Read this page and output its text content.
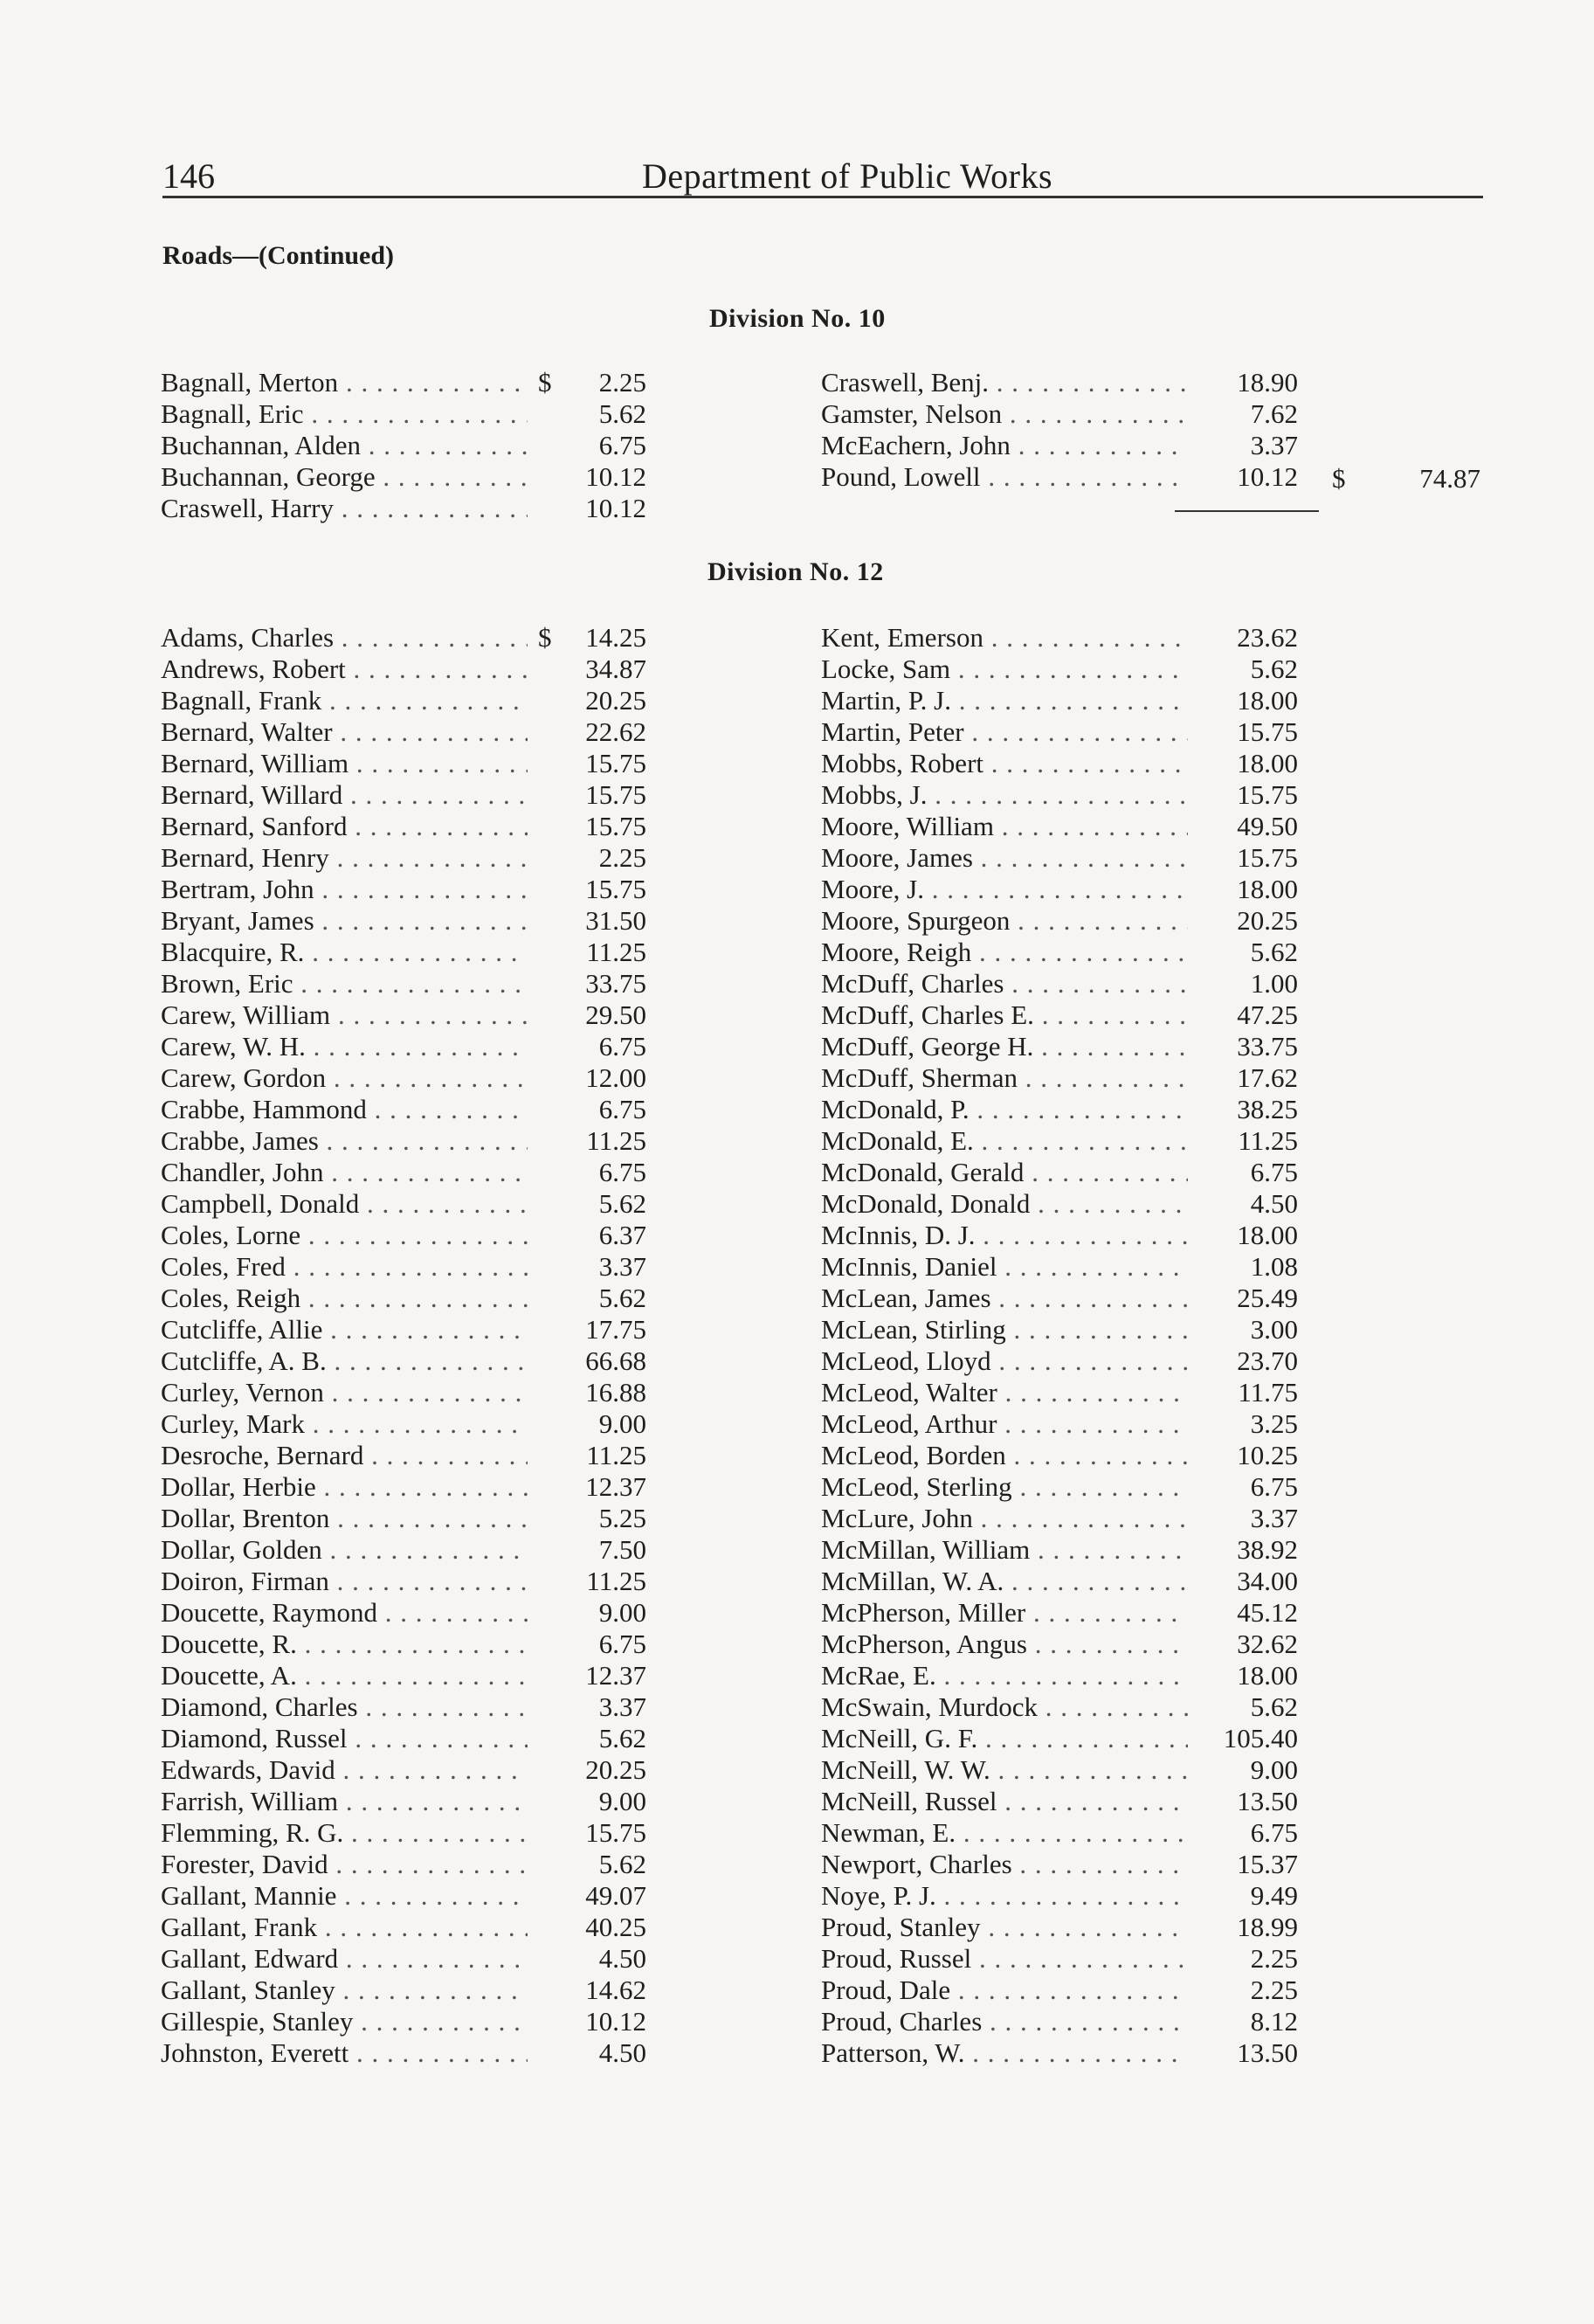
146	Department of Public Works
Roads—(Continued)
Division No. 10
Bagnall, Merton . . .	$	2.25
Bagnall, Eric . . .	5.62
Buchannan, Alden . . .	6.75
Buchannan, George . . .	10.12
Craswell, Harry . . .	10.12
Craswell, Benj. . . .	18.90
Gamster, Nelson . . .	7.62
McEachern, John . . .	3.37
Pound, Lowell . . .	10.12 $	74.87
Division No. 12
Adams, Charles . . .	$	14.25
Andrews, Robert . . .	34.87
Bagnall, Frank . . .	20.25
Bernard, Walter . . .	22.62
Bernard, William . . .	15.75
Bernard, Willard . . .	15.75
Bernard, Sanford . . .	15.75
Bernard, Henry . . .	2.25
Bertram, John . . .	15.75
Bryant, James . . .	31.50
Blacquire, R. . . .	11.25
Brown, Eric . . .	33.75
Carew, William . . .	29.50
Carew, W. H. . . .	6.75
Carew, Gordon . . .	12.00
Crabbe, Hammond . . .	6.75
Crabbe, James . . .	11.25
Chandler, John . . .	6.75
Campbell, Donald . . .	5.62
Coles, Lorne . . .	6.37
Coles, Fred . . .	3.37
Coles, Reigh . . .	5.62
Cutcliffe, Allie . . .	17.75
Cutcliffe, A. B. . . .	66.68
Curley, Vernon . . .	16.88
Curley, Mark . . .	9.00
Desroche, Bernard . . .	11.25
Dollar, Herbie . . .	12.37
Dollar, Brenton . . .	5.25
Dollar, Golden . . .	7.50
Doiron, Firman . . .	11.25
Doucette, Raymond . . .	9.00
Doucette, R. . . .	6.75
Doucette, A. . . .	12.37
Diamond, Charles . . .	3.37
Diamond, Russel . . .	5.62
Edwards, David . . .	20.25
Farrish, William . . .	9.00
Flemming, R. G. . . .	15.75
Forester, David . . .	5.62
Gallant, Mannie . . .	49.07
Gallant, Frank . . .	40.25
Gallant, Edward . . .	4.50
Gallant, Stanley . . .	14.62
Gillespie, Stanley . . .	10.12
Johnston, Everett . . .	4.50
Kent, Emerson . . .	23.62
Locke, Sam . . .	5.62
Martin, P. J. . . .	18.00
Martin, Peter . . .	15.75
Mobbs, Robert . . .	18.00
Mobbs, J. . . .	15.75
Moore, William . . .	49.50
Moore, James . . .	15.75
Moore, J. . . .	18.00
Moore, Spurgeon . . .	20.25
Moore, Reigh . . .	5.62
McDuff, Charles . . .	1.00
McDuff, Charles E. . . .	47.25
McDuff, George H. . . .	33.75
McDuff, Sherman . . .	17.62
McDonald, P. . . .	38.25
McDonald, E. . . .	11.25
McDonald, Gerald . . .	6.75
McDonald, Donald . . .	4.50
McInnis, D. J. . . .	18.00
McInnis, Daniel . . .	1.08
McLean, James . . .	25.49
McLean, Stirling . . .	3.00
McLeod, Lloyd . . .	23.70
McLeod, Walter . . .	11.75
McLeod, Arthur . . .	3.25
McLeod, Borden . . .	10.25
McLeod, Sterling . . .	6.75
McLure, John . . .	3.37
McMillan, William . . .	38.92
McMillan, W. A. . . .	34.00
McPherson, Miller . . .	45.12
McPherson, Angus . . .	32.62
McRae, E. . . .	18.00
McSwain, Murdock . . .	5.62
McNeill, G. F. . . .	105.40
McNeill, W. W. . . .	9.00
McNeill, Russel . . .	13.50
Newman, E. . . .	6.75
Newport, Charles . . .	15.37
Noye, P. J. . . .	9.49
Proud, Stanley . . .	18.99
Proud, Russel . . .	2.25
Proud, Dale . . .	2.25
Proud, Charles . . .	8.12
Patterson, W. . . .	13.50
